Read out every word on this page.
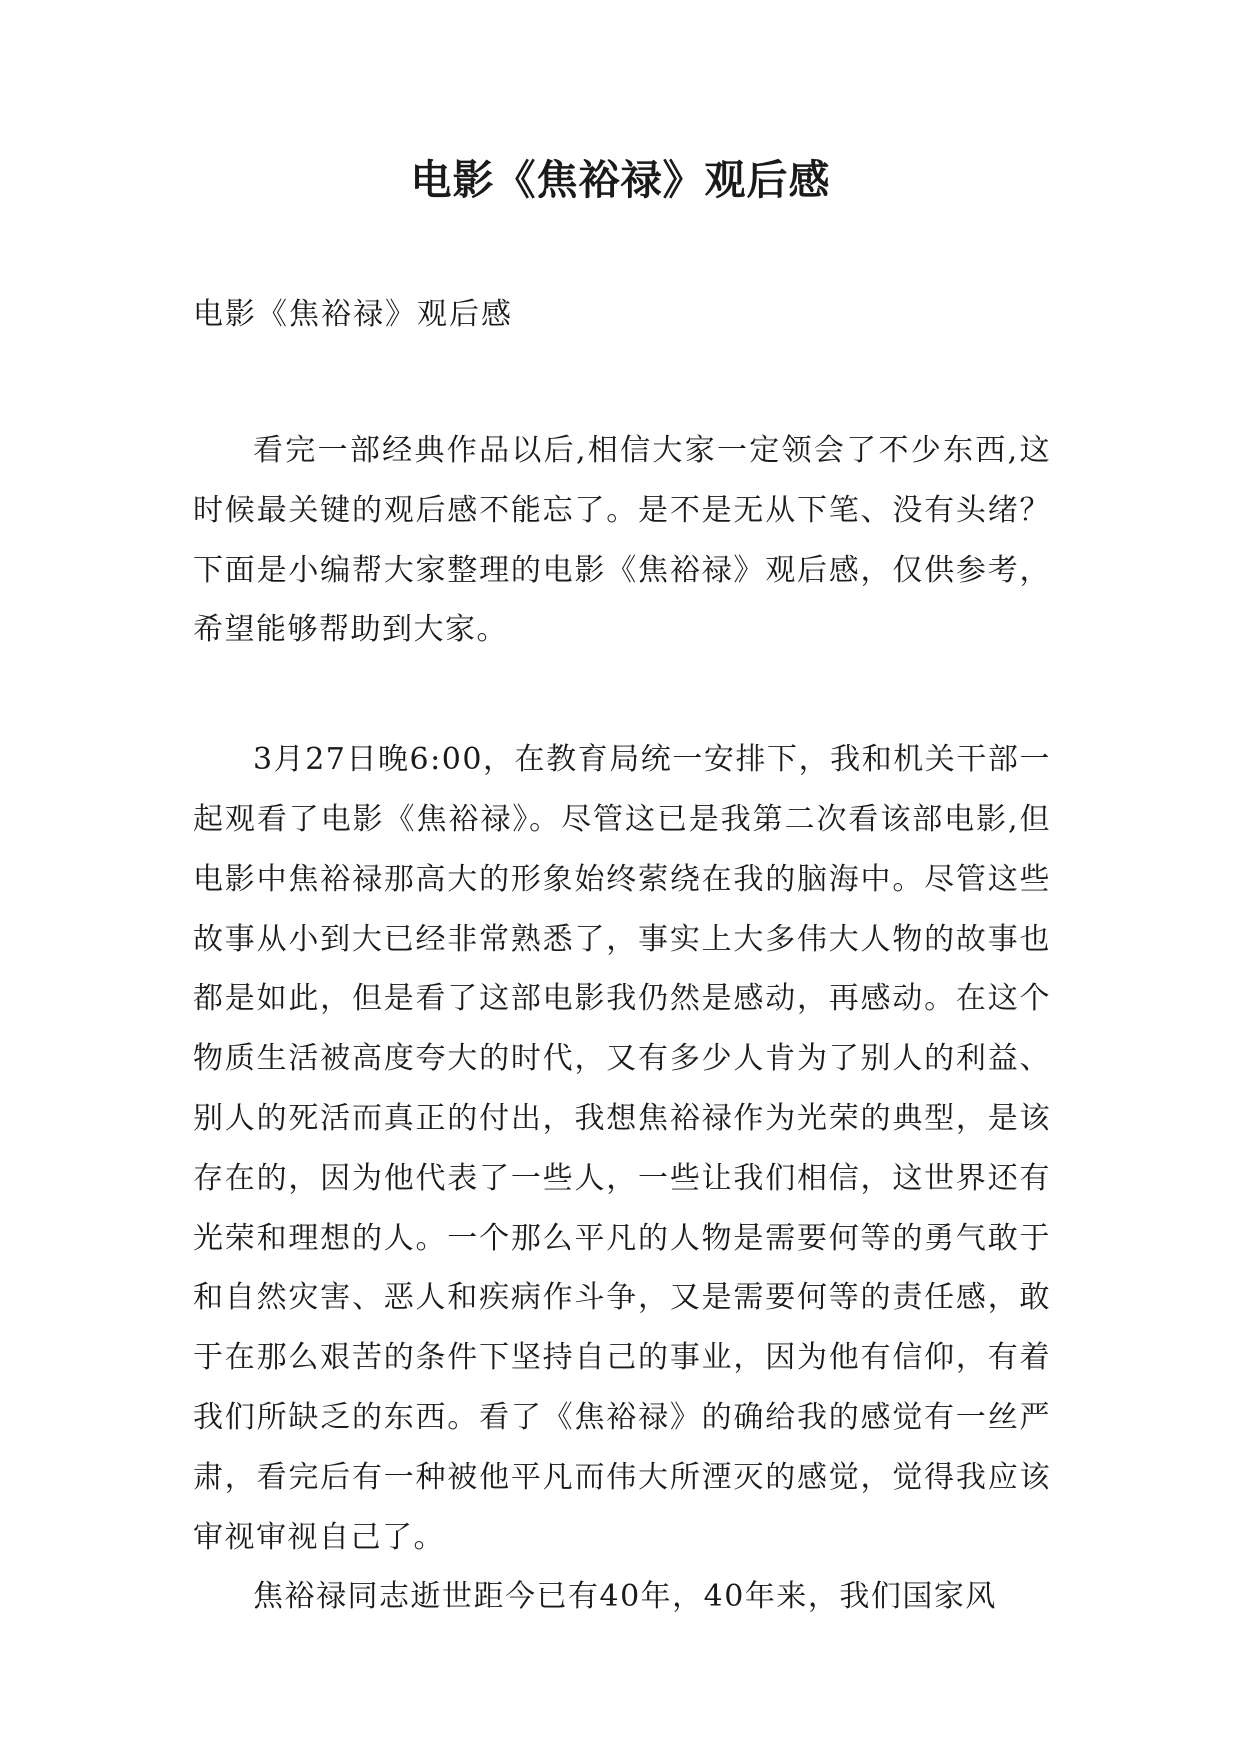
电影《焦裕禄》观后感

电影《焦裕禄》观后感

看完一部经典作品以后,相信大家一定领会了不少东西,这时候最关键的观后感不能忘了。是不是无从下笔、没有头绪？下面是小编帮大家整理的电影《焦裕禄》观后感，仅供参考，希望能够帮助到大家。

3月27日晚6:00，在教育局统一安排下，我和机关干部一起观看了电影《焦裕禄》。尽管这已是我第二次看该部电影,但电影中焦裕禄那高大的形象始终萦绕在我的脑海中。尽管这些故事从小到大已经非常熟悉了，事实上大多伟大人物的故事也都是如此，但是看了这部电影我仍然是感动，再感动。在这个物质生活被高度夸大的时代，又有多少人肯为了别人的利益、别人的死活而真正的付出，我想焦裕禄作为光荣的典型，是该存在的，因为他代表了一些人，一些让我们相信，这世界还有光荣和理想的人。一个那么平凡的人物是需要何等的勇气敢于和自然灾害、恶人和疾病作斗争，又是需要何等的责任感，敢于在那么艰苦的条件下坚持自己的事业，因为他有信仰，有着我们所缺乏的东西。看了《焦裕禄》的确给我的感觉有一丝严肃，看完后有一种被他平凡而伟大所湮灭的感觉，觉得我应该审视审视自己了。

焦裕禄同志逝世距今已有40年，40年来，我们国家风
